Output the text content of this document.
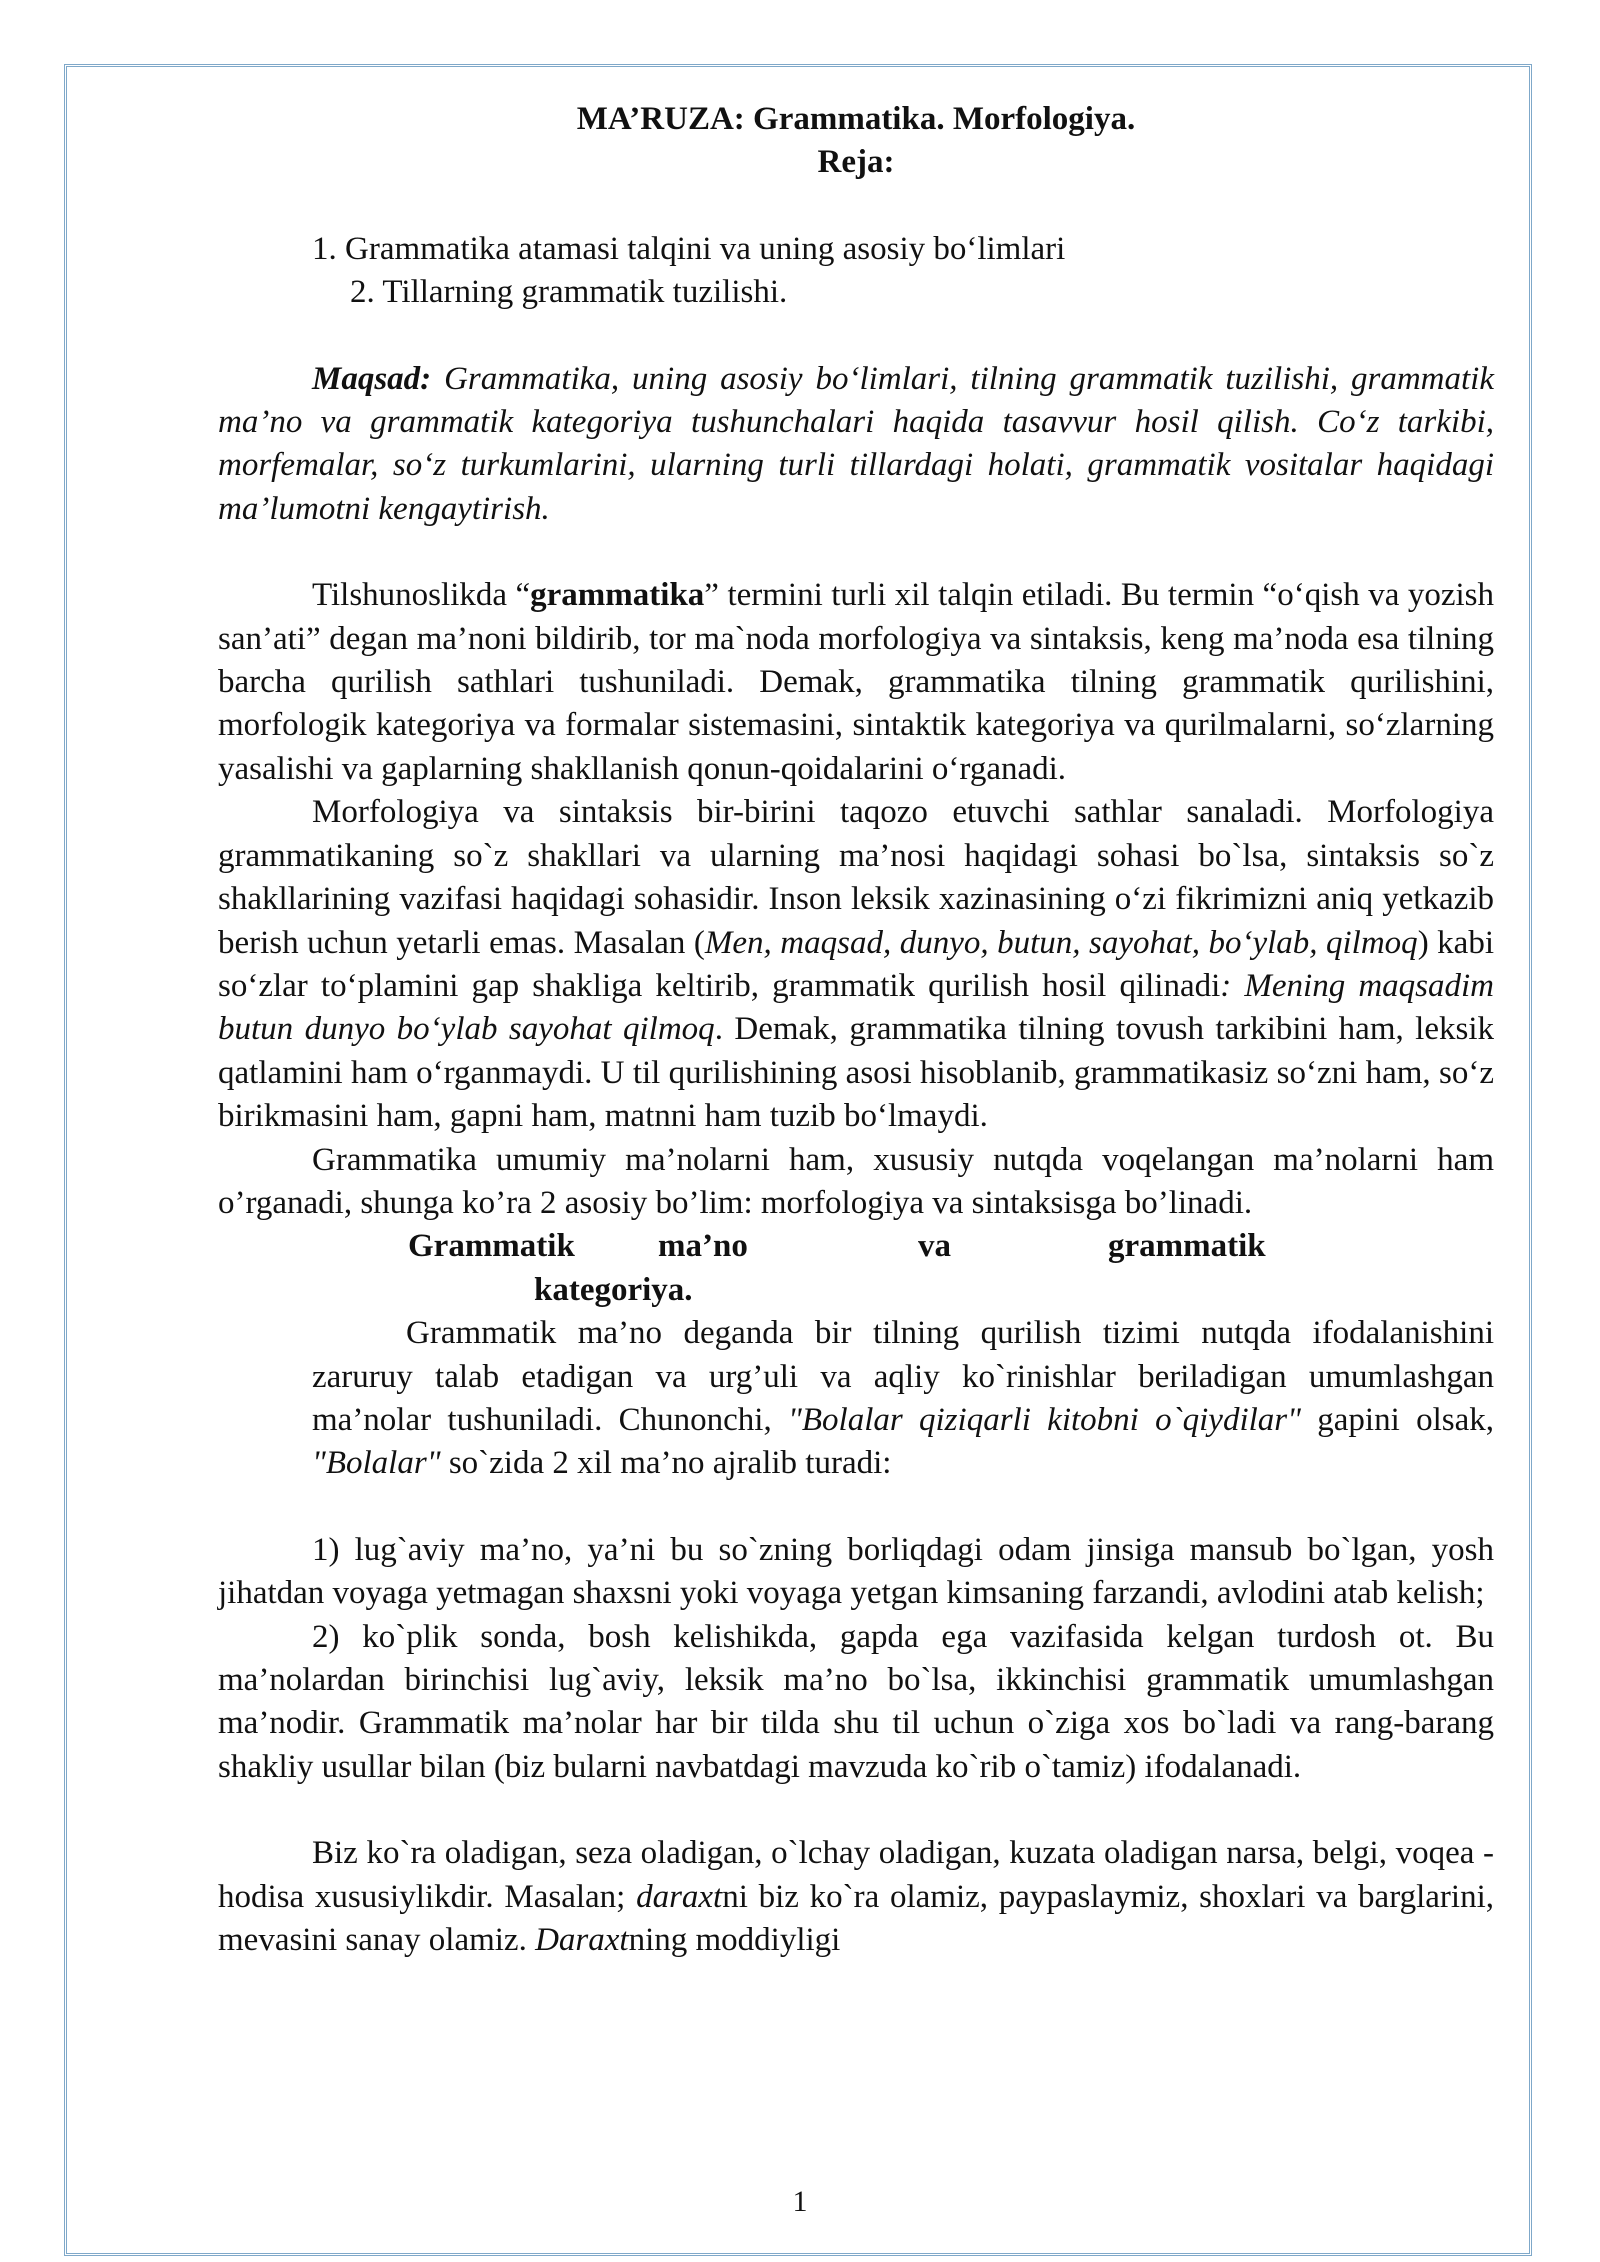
MA’RUZA: Grammatika. Morfologiya.

Reja:

1. Grammatika atamasi talqini va uning asosiy bo‘limlari

2. Tillarning grammatik tuzilishi.

Maqsad: Grammatika, uning asosiy bo‘limlari, tilning grammatik tuzilishi, grammatik ma’no va grammatik kategoriya tushunchalari haqida tasavvur hosil qilish. Co‘z tarkibi, morfemalar, so‘z turkumlarini, ularning turli tillardagi holati, grammatik vositalar haqidagi ma’lumotni kengaytirish.

Tilshunoslikda “grammatika” termini turli xil talqin etiladi. Bu termin “o‘qish va yozish san’ati” degan ma’noni bildirib, tor ma`noda morfologiya va sintaksis, keng ma’noda esa tilning barcha qurilish sathlari tushuniladi. Demak, grammatika tilning grammatik qurilishini, morfologik kategoriya va formalar sistemasini, sintaktik kategoriya va qurilmalarni, so‘zlarning yasalishi va gaplarning shakllanish qonun-qoidalarini o‘rganadi.

Morfologiya va sintaksis bir-birini taqozo etuvchi sathlar sanaladi. Morfologiya grammatikaning so`z shakllari va ularning ma’nosi haqidagi sohasi bo`lsa, sintaksis so`z shakllarining vazifasi haqidagi sohasidir. Inson leksik xazinasining o‘zi fikrimizni aniq yetkazib berish uchun yetarli emas. Masalan (Men, maqsad, dunyo, butun, sayohat, bo‘ylab, qilmoq) kabi so‘zlar to‘plamini gap shakliga keltirib, grammatik qurilish hosil qilinadi: Mening maqsadim butun dunyo bo‘ylab sayohat qilmoq. Demak, grammatika tilning tovush tarkibini ham, leksik qatlamini ham o‘rganmaydi. U til qurilishining asosi hisoblanib, grammatikasiz so‘zni ham, so‘z birikmasini ham, gapni ham, matnni ham tuzib bo‘lmaydi.

Grammatika umumiy ma’nolarni ham, xususiy nutqda voqelangan ma’nolarni ham o’rganadi, shunga ko’ra 2 asosiy bo’lim: morfologiya va sintaksisga bo’linadi.

Grammatik	ma’no	va	grammatik

kategoriya.

Grammatik ma’no deganda bir tilning qurilish tizimi nutqda ifodalanishini zaruruy talab etadigan va urg’uli va aqliy ko`rinishlar beriladigan umumlashgan ma’nolar tushuniladi. Chunonchi, "Bolalar qiziqarli kitobni o`qiydilar" gapini olsak, "Bolalar" so`zida 2 xil ma’no ajralib turadi:

1) lug`aviy ma’no, ya’ni bu so`zning borliqdagi odam jinsiga mansub bo`lgan, yosh jihatdan voyaga yetmagan shaxsni yoki voyaga yetgan kimsaning farzandi, avlodini atab kelish;

2) ko`plik sonda, bosh kelishikda, gapda ega vazifasida kelgan turdosh ot. Bu ma’nolardan birinchisi lug`aviy, leksik ma’no bo`lsa, ikkinchisi grammatik umumlashgan ma’nodir. Grammatik ma’nolar har bir tilda shu til uchun o`ziga xos bo`ladi va rang-barang shakliy usullar bilan (biz bularni navbatdagi mavzuda ko`rib o`tamiz) ifodalanadi.

Biz ko`ra oladigan, seza oladigan, o`lchay oladigan, kuzata oladigan narsa, belgi, voqea - hodisa xususiylikdir. Masalan; daraxtni biz ko`ra olamiz, paypaslaymiz, shoxlari va barglarini, mevasini sanay olamiz. Daraxtning moddiyligi

1
